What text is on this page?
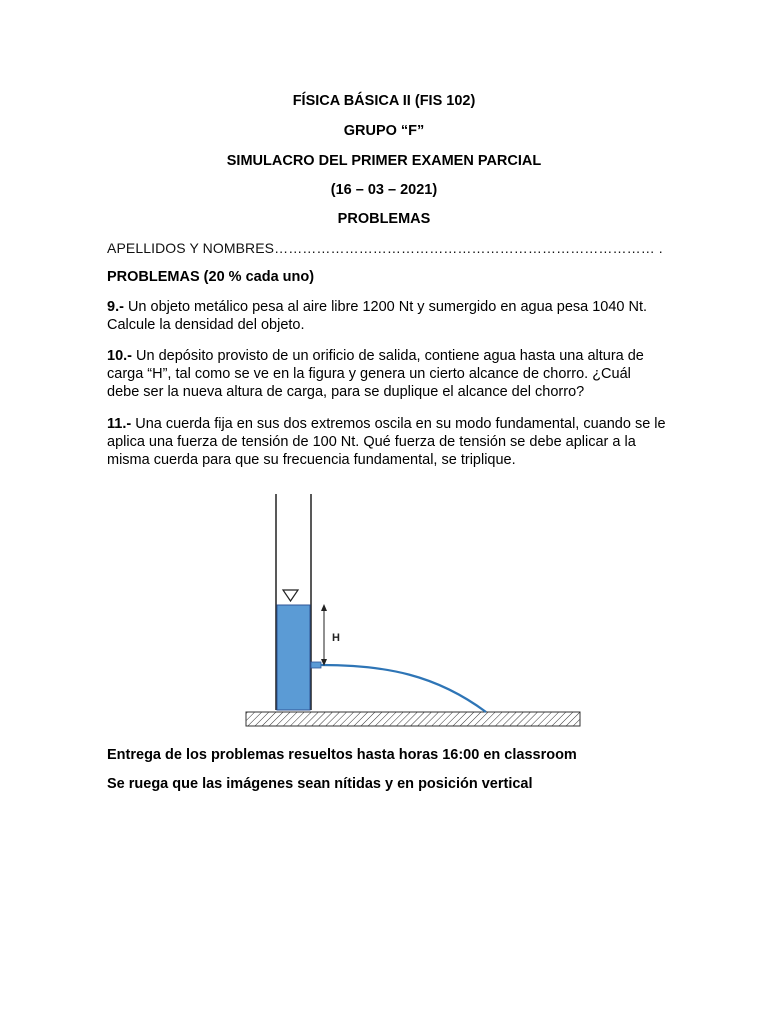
FÍSICA BÁSICA II (FIS 102)
GRUPO “F”
SIMULACRO DEL PRIMER EXAMEN PARCIAL
(16 – 03 – 2021)
PROBLEMAS
APELLIDOS Y NOMBRES……………………………………………………………………… .
PROBLEMAS (20 % cada uno)
9.- Un objeto metálico pesa al aire libre 1200 Nt y sumergido en agua pesa 1040 Nt. Calcule la densidad del objeto.
10.- Un depósito provisto de un orificio de salida, contiene agua hasta una altura de carga “H”, tal como se ve en la figura y genera un cierto alcance de chorro. ¿Cuál debe ser la nueva altura de carga, para se duplique el alcance del chorro?
11.- Una cuerda fija en sus dos extremos oscila en su modo fundamental, cuando se le aplica una fuerza de tensión de 100 Nt. Qué fuerza de tensión se debe aplicar a la misma cuerda para que su frecuencia fundamental, se triplique.
H
Entrega de los problemas resueltos hasta horas 16:00 en classroom
Se ruega que las imágenes sean nítidas y en posición vertical
